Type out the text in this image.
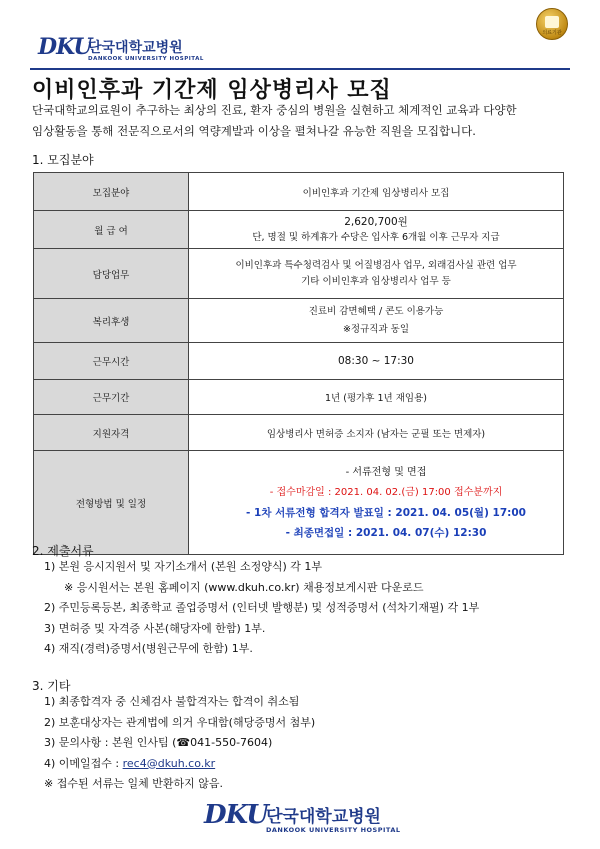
DKU
단국대학교병원
DANKOOK UNIVERSITY HOSPITAL
의료기관
이비인후과 기간제 임상병리사 모집
단국대학교의료원이 추구하는 최상의 진료, 환자 중심의 병원을 실현하고 체계적인 교육과 다양한
임상활동을 통해 전문직으로서의 역량계발과 이상을 펼쳐나갈 유능한 직원을 모집합니다.
1. 모집분야
모집분야	이비인후과 기간제 임상병리사 모집

월 급 여	2,620,700원
단, 명절 및 하계휴가 수당은 입사후 6개월 이후 근무자 지급

담당업무	이비인후과 특수청력검사 및 어질병검사 업무, 외래검사실 관련 업무
기타 이비인후과 임상병리사 업무 등

복리후생	진료비 감면혜택 / 콘도 이용가능
※정규직과 동일

근무시간	08:30 ~ 17:30
근무기간	1년 (평가후 1년 재임용)
지원자격	임상병리사 면허증 소지자 (남자는 군필 또는 면제자)
전형방법 및 일정	- 서류전형 및 면접
- 접수마감일 : 2021. 04. 02.(금) 17:00 접수분까지
- 1차 서류전형 합격자 발표일 : 2021. 04. 05(월) 17:00
- 최종면접일 : 2021. 04. 07(수) 12:30
2. 제출서류
1) 본원 응시지원서 및 자기소개서 (본원 소정양식) 각 1부
※ 응시원서는 본원 홈페이지 (www.dkuh.co.kr) 채용정보게시판 다운로드
2) 주민등록등본, 최종학교 졸업증명서 (인터넷 발행분) 및 성적증명서 (석차기재필) 각 1부
3) 면허증 및 자격증 사본(해당자에 한함) 1부.
4) 재직(경력)증명서(병원근무에 한함) 1부.
3. 기타
1) 최종합격자 중 신체검사 불합격자는 합격이 취소됨
2) 보훈대상자는 관계법에 의거 우대함(해당증명서 첨부)
3) 문의사항 : 본원 인사팀 (☎041-550-7604)
4) 이메일접수 : rec4@dkuh.co.kr
※ 접수된 서류는 일체 반환하지 않음.
DKU
단국대학교병원
DANKOOK UNIVERSITY HOSPITAL
